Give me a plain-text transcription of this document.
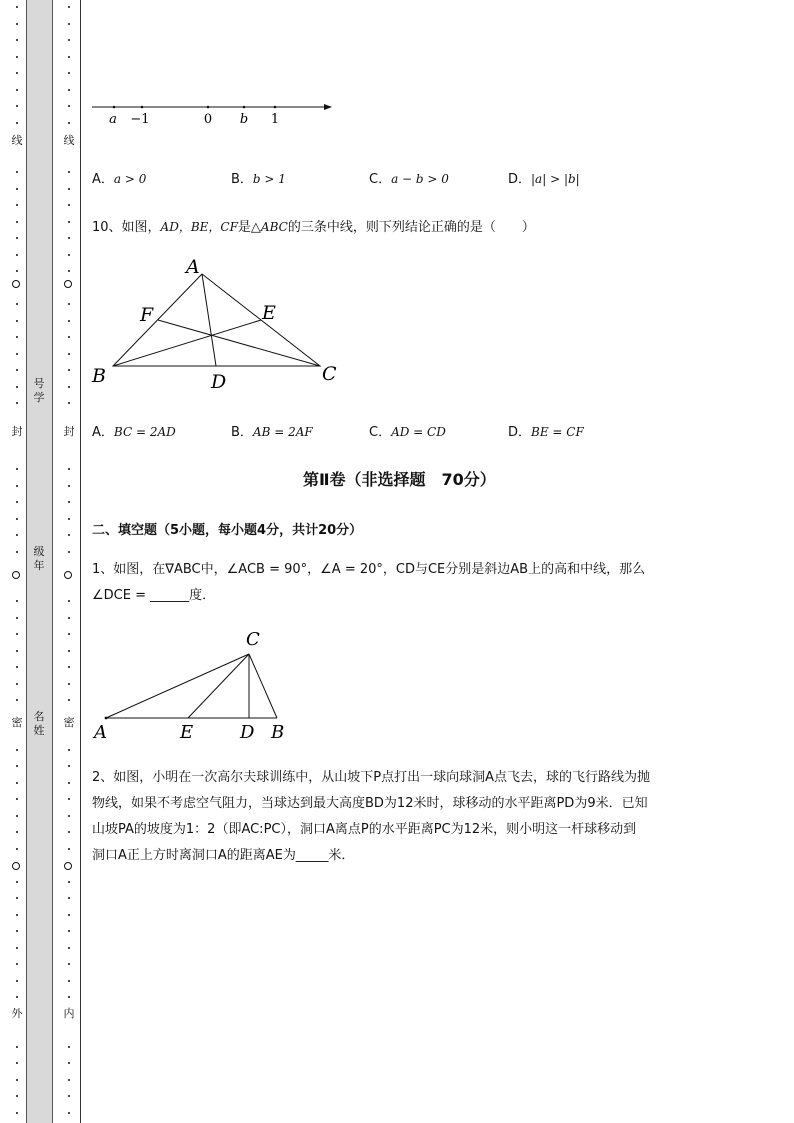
线
封
密
外
线
封
密
内
号学
级年
名姓
a −1	0 b 1
A．a > 0	B．b > 1	C．a − b > 0	D．|a| > |b|
10、如图，AD，BE，CF是△ABC的三条中线，则下列结论正确的是（　　）
A
B	C
D
E
F
A．BC = 2AD	B．AB = 2AF	C．AD = CD	D．BE = CF
第Ⅱ卷（非选择题　70分）
二、填空题（5小题，每小题4分，共计20分）
1、如图，在∇ABC中，∠ACB = 90°，∠A = 20°，CD与CE分别是斜边AB上的高和中线，那么
∠DCE = ______度．
A	B
C
D
E
2、如图，小明在一次高尔夫球训练中，从山坡下P点打出一球向球洞A点飞去，球的飞行路线为抛
物线，如果不考虑空气阻力，当球达到最大高度BD为12米时，球移动的水平距离PD为9米．已知
山坡PA的坡度为1：2（即AC:PC），洞口A离点P的水平距离PC为12米，则小明这一杆球移动到
洞口A正上方时离洞口A的距离AE为_____米．
